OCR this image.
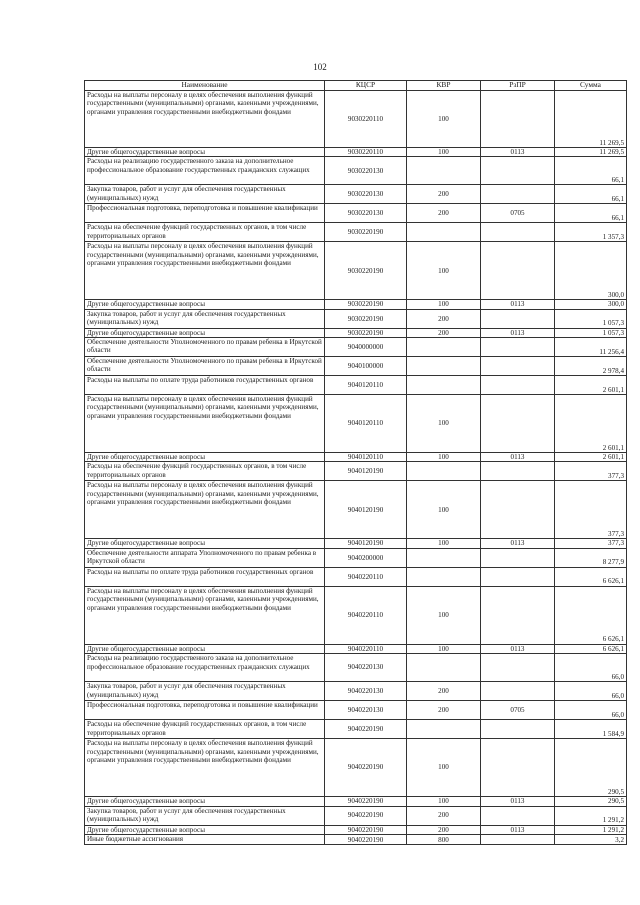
102
Наименование	КЦСР	КВР	РзПР	Сумма
Расходы на выплаты персоналу в целях обеспечения выполнения функций государственными (муниципальными) органами, казенными учреждениями, органами управления государственными внебюджетными фондами	9030220110	100		11 269,5
Другие общегосударственные вопросы	9030220110	100	0113	11 269,5
Расходы на реализацию государственного заказа на дополнительное профессиональное образование государственных гражданских служащих	9030220130			66,1
Закупка товаров, работ и услуг для обеспечения государственных (муниципальных) нужд	9030220130	200		66,1
Профессиональная подготовка, переподготовка и повышение квалификации	9030220130	200	0705	66,1
Расходы на обеспечение функций государственных органов, в том числе территориальных органов	9030220190			1 357,3
Расходы на выплаты персоналу в целях обеспечения выполнения функций государственными (муниципальными) органами, казенными учреждениями, органами управления государственными внебюджетными фондами	9030220190	100		300,0
Другие общегосударственные вопросы	9030220190	100	0113	300,0
Закупка товаров, работ и услуг для обеспечения государственных (муниципальных) нужд	9030220190	200		1 057,3
Другие общегосударственные вопросы	9030220190	200	0113	1 057,3
Обеспечение деятельности Уполномоченного по правам ребенка в Иркутской области	9040000000			11 256,4
Обеспечение деятельности Уполномоченного по правам ребенка в Иркутской области	9040100000			2 978,4
Расходы на выплаты по оплате труда работников государственных органов	9040120110			2 601,1
Расходы на выплаты персоналу в целях обеспечения выполнения функций государственными (муниципальными) органами, казенными учреждениями, органами управления государственными внебюджетными фондами	9040120110	100		2 601,1
Другие общегосударственные вопросы	9040120110	100	0113	2 601,1
Расходы на обеспечение функций государственных органов, в том числе территориальных органов	9040120190			377,3
Расходы на выплаты персоналу в целях обеспечения выполнения функций государственными (муниципальными) органами, казенными учреждениями, органами управления государственными внебюджетными фондами	9040120190	100		377,3
Другие общегосударственные вопросы	9040120190	100	0113	377,3
Обеспечение деятельности аппарата Уполномоченного по правам ребенка в Иркутской области	9040200000			8 277,9
Расходы на выплаты по оплате труда работников государственных органов	9040220110			6 626,1
Расходы на выплаты персоналу в целях обеспечения выполнения функций государственными (муниципальными) органами, казенными учреждениями, органами управления государственными внебюджетными фондами	9040220110	100		6 626,1
Другие общегосударственные вопросы	9040220110	100	0113	6 626,1
Расходы на реализацию государственного заказа на дополнительное профессиональное образование государственных гражданских служащих	9040220130			66,0
Закупка товаров, работ и услуг для обеспечения государственных (муниципальных) нужд	9040220130	200		66,0
Профессиональная подготовка, переподготовка и повышение квалификации	9040220130	200	0705	66,0
Расходы на обеспечение функций государственных органов, в том числе территориальных органов	9040220190			1 584,9
Расходы на выплаты персоналу в целях обеспечения выполнения функций государственными (муниципальными) органами, казенными учреждениями, органами управления государственными внебюджетными фондами	9040220190	100		290,5
Другие общегосударственные вопросы	9040220190	100	0113	290,5
Закупка товаров, работ и услуг для обеспечения государственных (муниципальных) нужд	9040220190	200		1 291,2
Другие общегосударственные вопросы	9040220190	200	0113	1 291,2
Иные бюджетные ассигнования	9040220190	800		3,2
